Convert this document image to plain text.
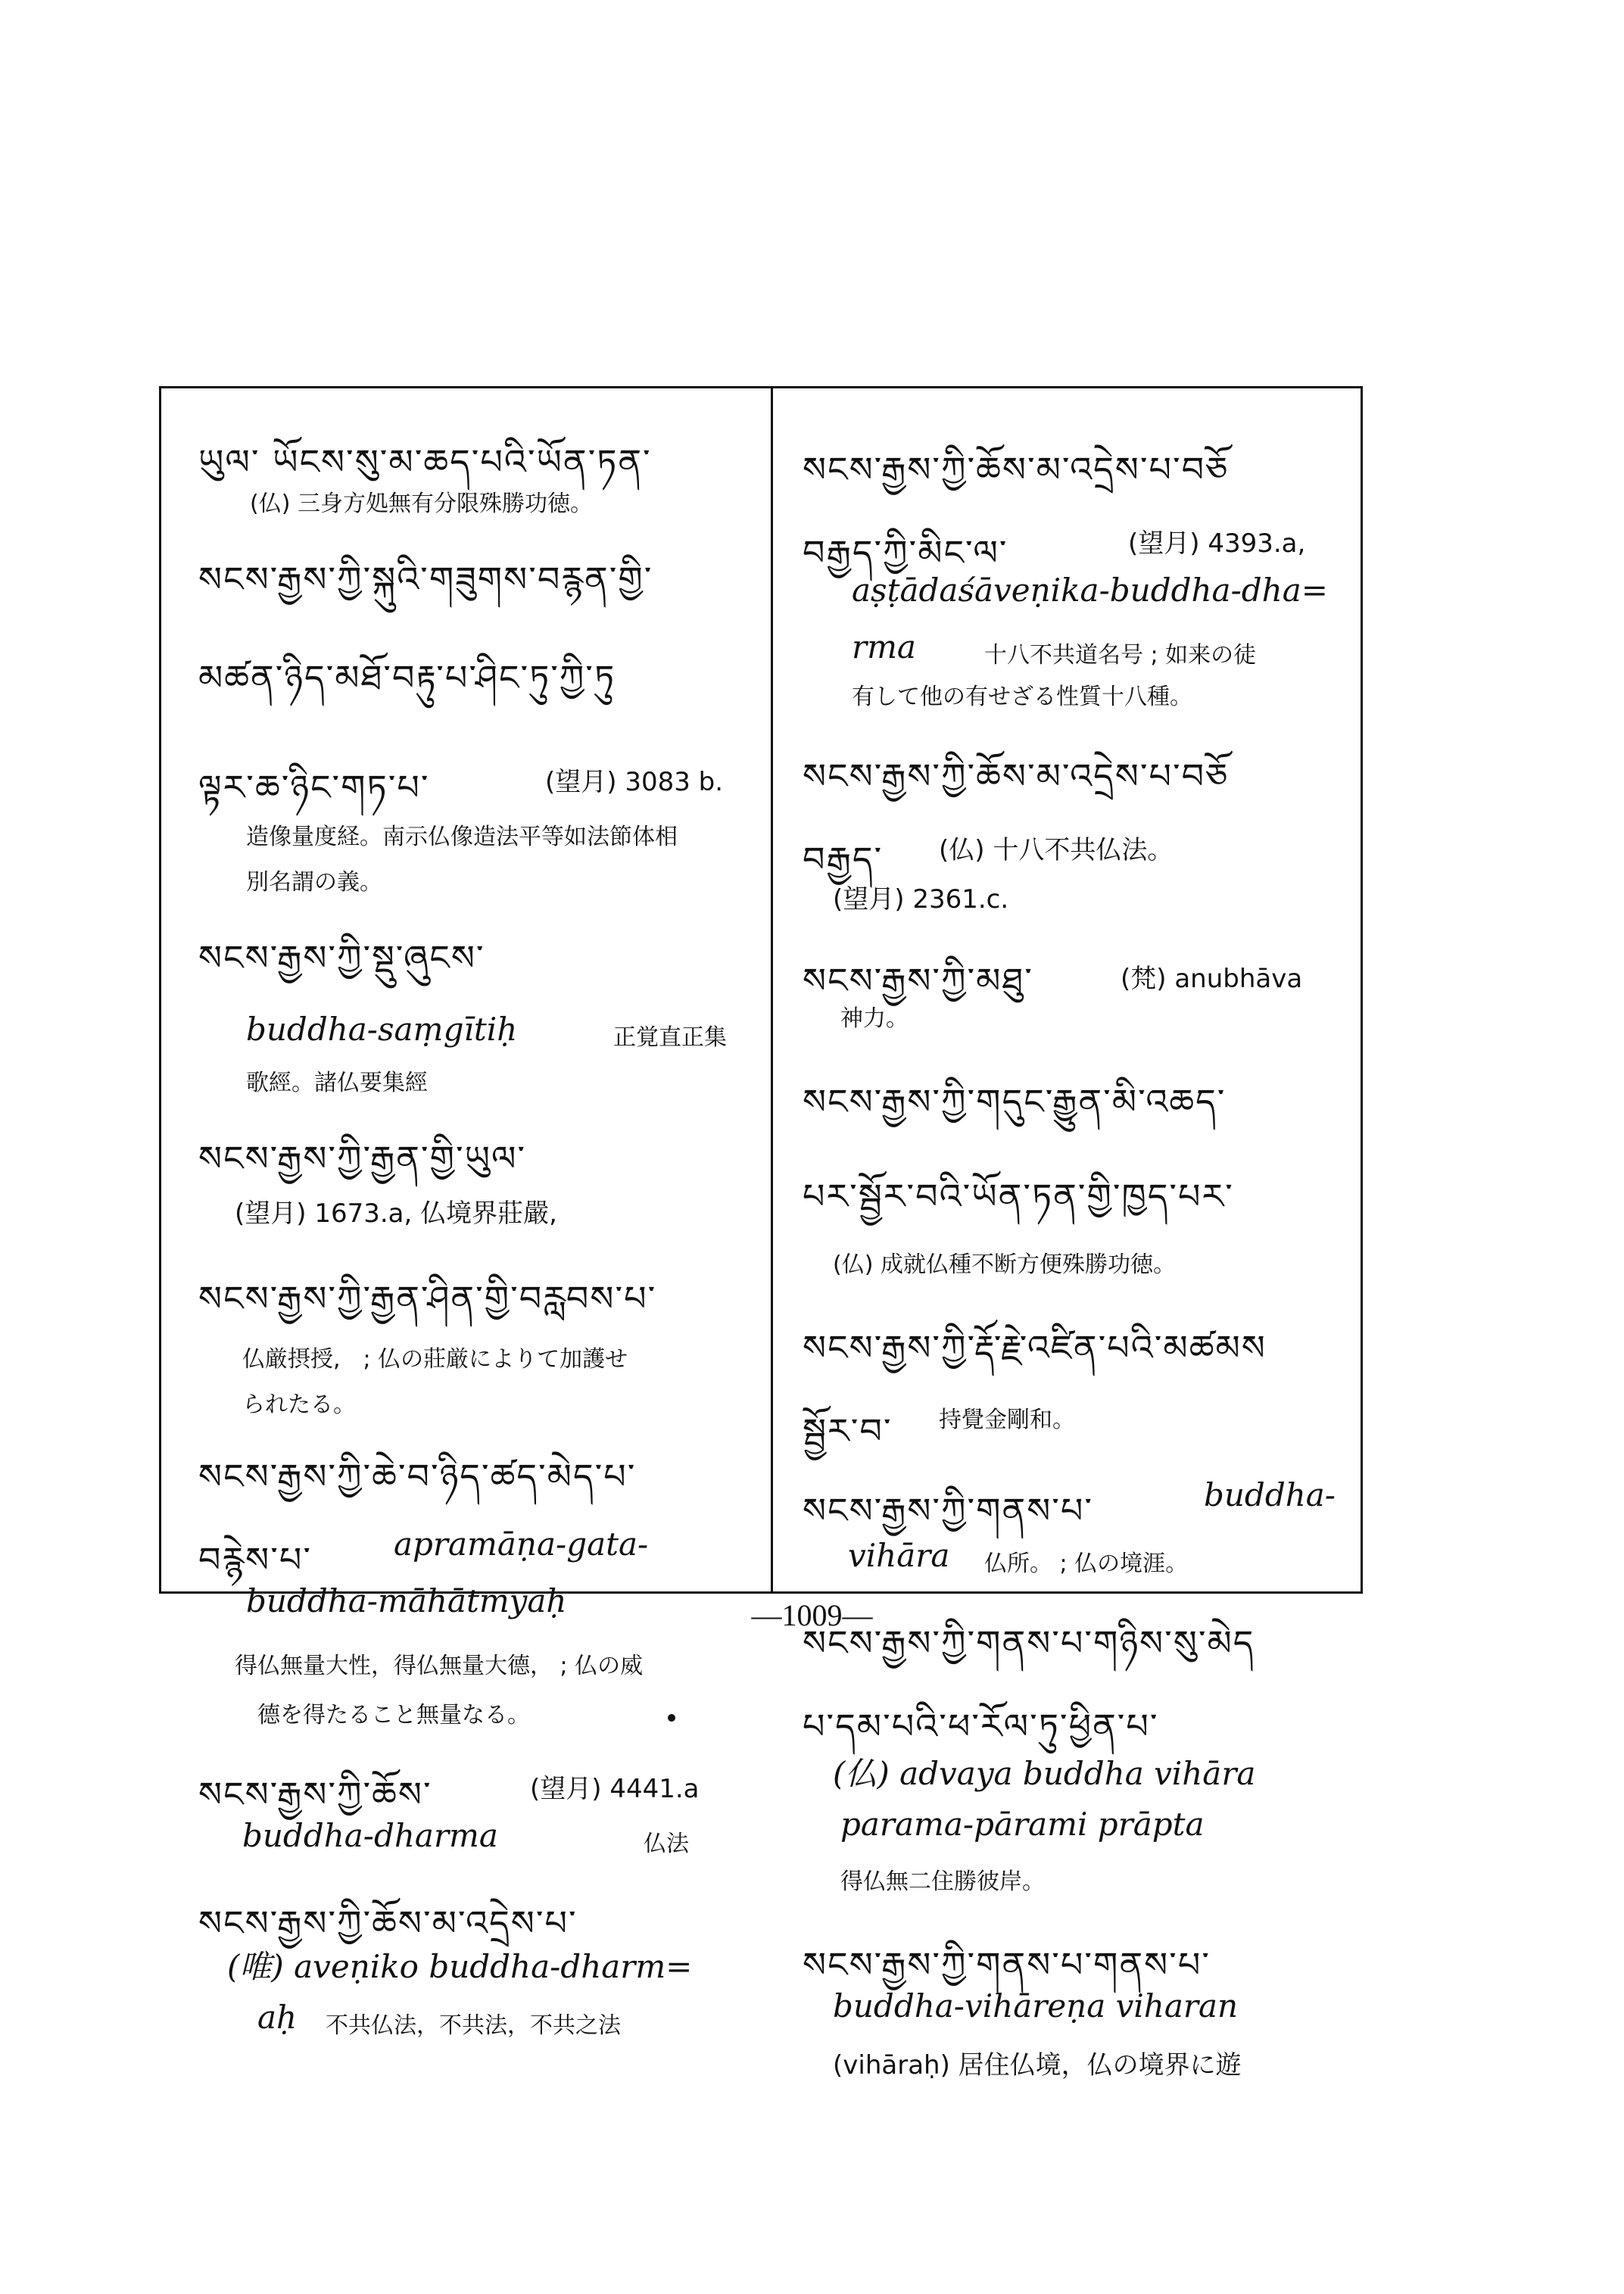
ཡུལ་ ཡོངས་སུ་མ་ཆད་པའི་ཡོན་ཏན་
(仏) 三身方処無有分限殊勝功徳。
སངས་རྒྱས་ཀྱི་སྐུའི་གཟུགས་བརྙན་གྱི་
མཚན་ཉིད་མཐོ་བརྟུ་པ་ཤིང་ཏུ་ཀྱི་ཏུ
ལྟར་ཆ་ཉིང་གཏ་པ་	(望月) 3083 b.
造像量度経。南示仏像造法平等如法節体相
別名謂の義。
སངས་རྒྱས་ཀྱི་སྡུ་ཞུངས་
buddha-saṃgītiḥ	正覚直正集
歌經。諸仏要集經
སངས་རྒྱས་ཀྱི་རྒྱན་གྱི་ཡུལ་
(望月) 1673.a, 仏境界莊嚴,
སངས་རྒྱས་ཀྱི་རྒྱན་ཤིན་གྱི་བརླབས་པ་
仏厳摂授,　; 仏の莊厳によりて加護せ
られたる。
སངས་རྒྱས་ཀྱི་ཆེ་བ་ཉིད་ཚད་མེད་པ་
བརྙེས་པ་	apramāṇa-gata-
buddha-māhātmyaḥ
得仏無量大性，得仏無量大德， ; 仏の威
德を得たること無量なる。
སངས་རྒྱས་ཀྱི་ཆོས་	(望月) 4441.a
buddha-dharma	仏法
སངས་རྒྱས་ཀྱི་ཆོས་མ་འདྲེས་པ་
(唯) aveṇiko buddha-dharm=
aḥ 不共仏法，不共法，不共之法
སངས་རྒྱས་ཀྱི་ཆོས་མ་འདྲེས་པ་བཅོ
བརྒྱད་ཀྱི་མིང་ལ་	(望月) 4393.a,
aṣṭādaśāveṇika-buddha-dha=
rma	十八不共道名号 ; 如来の徒
有して他の有せざる性質十八種。
སངས་རྒྱས་ཀྱི་ཆོས་མ་འདྲེས་པ་བཅོ
བརྒྱད་ (仏) 十八不共仏法。
(望月) 2361.c.
སངས་རྒྱས་ཀྱི་མཐུ་	(梵) anubhāva
神力。
སངས་རྒྱས་ཀྱི་གདུང་རྒྱུན་མི་འཆད་
པར་སྦྱོར་བའི་ཡོན་ཏན་གྱི་ཁྱད་པར་
(仏) 成就仏種不断方便殊勝功徳。
སངས་རྒྱས་ཀྱི་རྡོ་རྗེ་འཛིན་པའི་མཚམས
སྦྱོར་བ་ 持覺金剛和。
སངས་རྒྱས་ཀྱི་གནས་པ་	buddha-
vihāra 仏所。 ; 仏の境涯。
སངས་རྒྱས་ཀྱི་གནས་པ་གཉིས་སུ་མེད
པ་དམ་པའི་ཕ་རོལ་ཏུ་ཕྱིན་པ་
(仏) advaya buddha vihāra
parama-pārami prāpta
得仏無二住勝彼岸。
སངས་རྒྱས་ཀྱི་གནས་པ་གནས་པ་
buddha-vihāreṇa viharan
(vihāraḥ) 居住仏境，仏の境界に遊
—1009—
